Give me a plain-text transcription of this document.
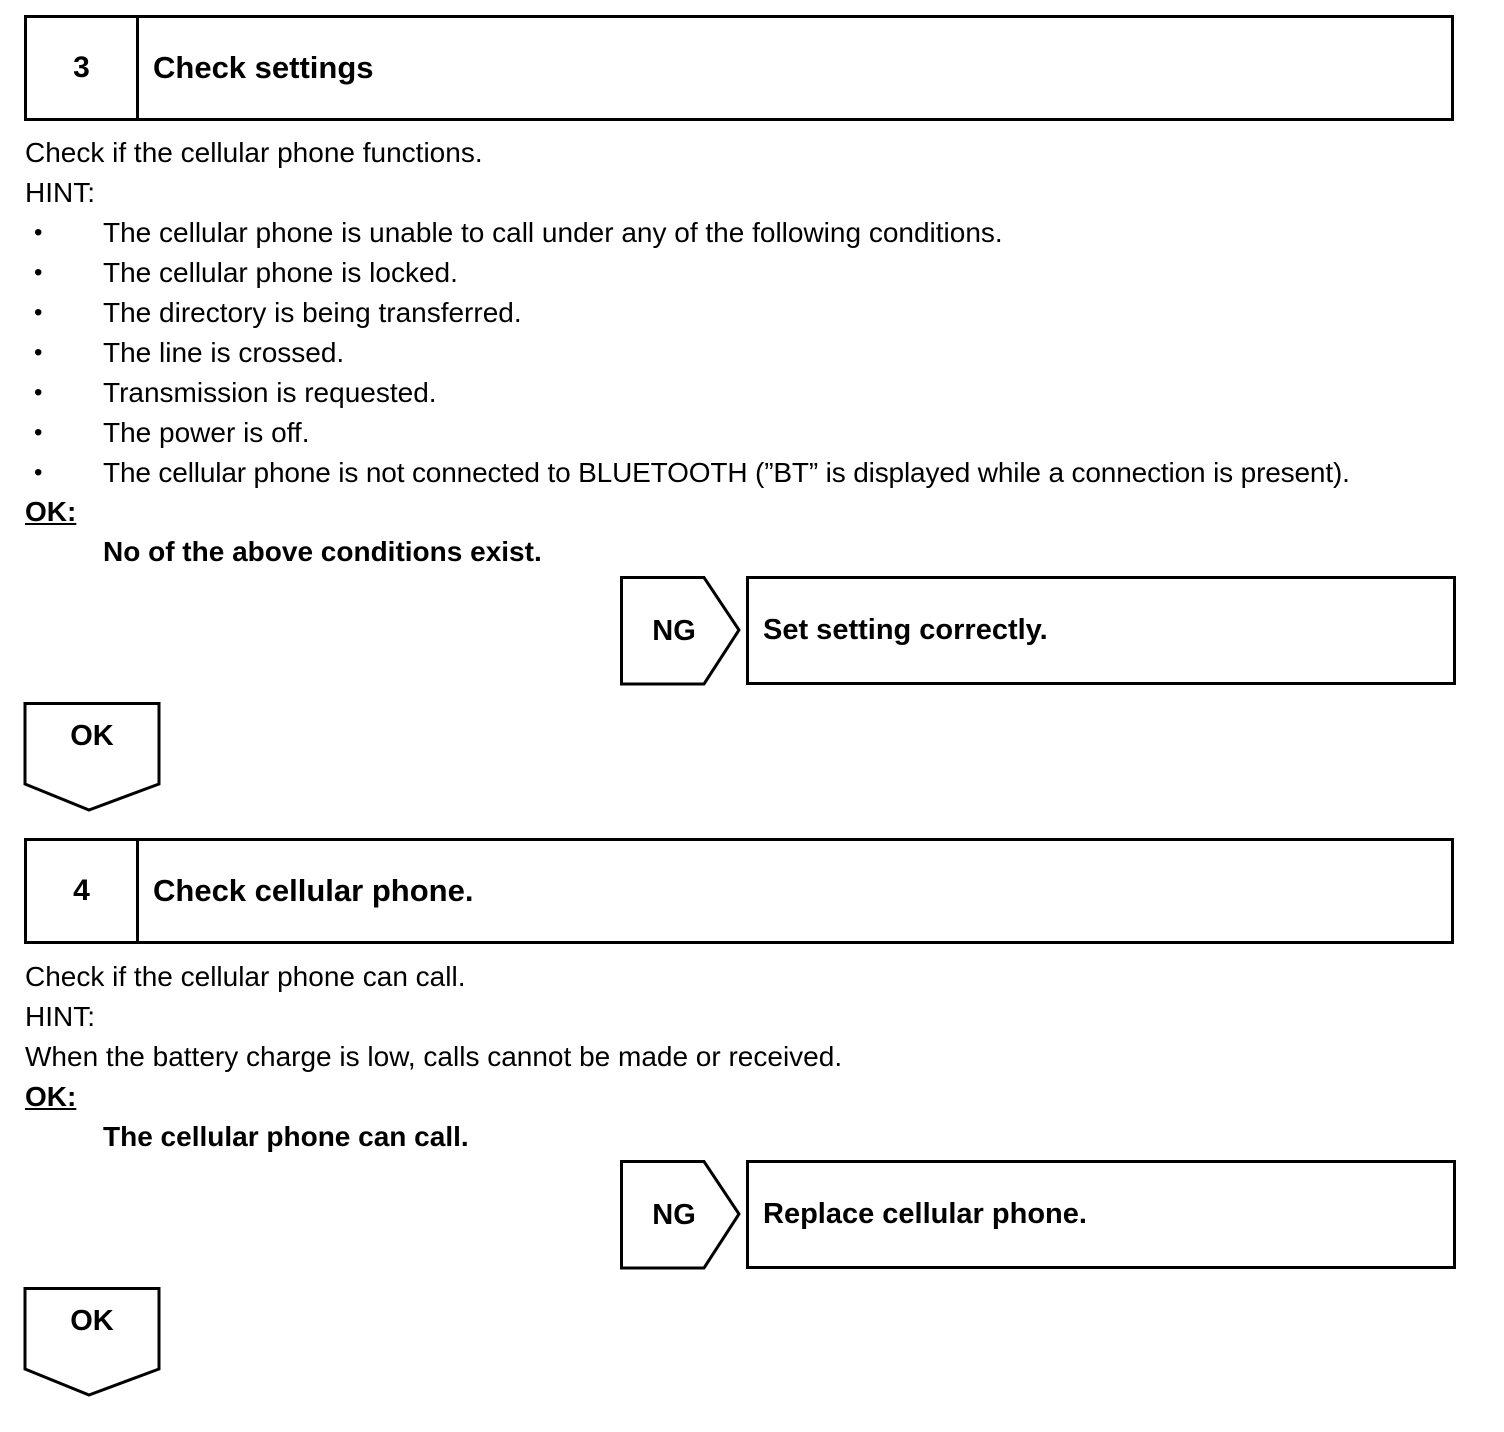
3	Check settings
Check if the cellular phone functions.
HINT:
• The cellular phone is unable to call under any of the following conditions.
• The cellular phone is locked.
• The directory is being transferred.
• The line is crossed.
• Transmission is requested.
• The power is off.
• The cellular phone is not connected to BLUETOOTH (”BT” is displayed while a connection is present).
OK:
No of the above conditions exist.
NG	Set setting correctly.
OK
4	Check cellular phone.
Check if the cellular phone can call.
HINT:
When the battery charge is low, calls cannot be made or received.
OK:
The cellular phone can call.
NG	Replace cellular phone.
OK
